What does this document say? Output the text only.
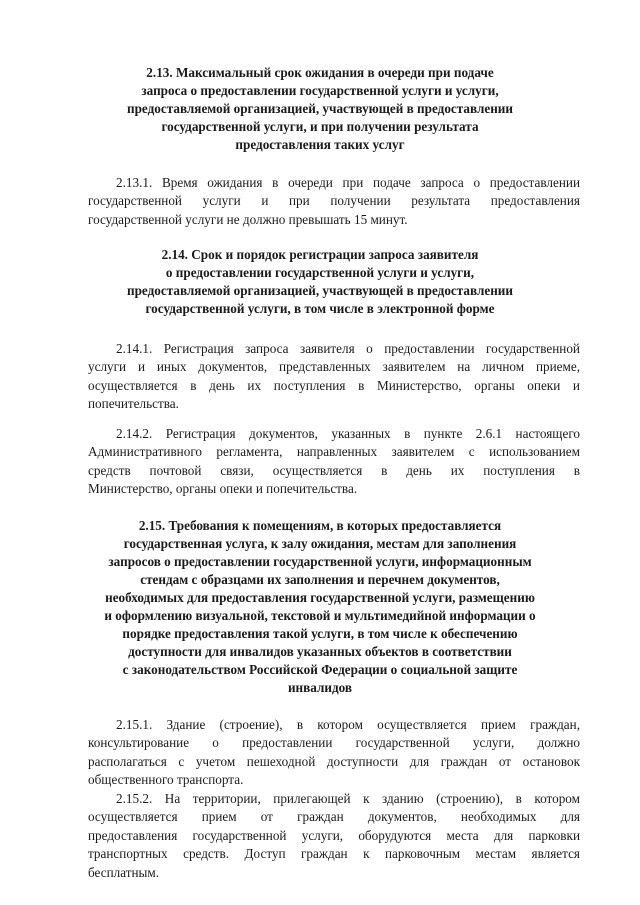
2.13. Максимальный срок ожидания в очереди при подаче
запроса о предоставлении государственной услуги и услуги,
предоставляемой организацией, участвующей в предоставлении
государственной услуги, и при получении результата
предоставления таких услуг
2.13.1. Время ожидания в очереди при подаче запроса о предоставлении
государственной услуги и при получении результата предоставления
государственной услуги не должно превышать 15 минут.
2.14. Срок и порядок регистрации запроса заявителя
о предоставлении государственной услуги и услуги,
предоставляемой организацией, участвующей в предоставлении
государственной услуги, в том числе в электронной форме
2.14.1. Регистрация запроса заявителя о предоставлении государственной
услуги и иных документов, представленных заявителем на личном приеме,
осуществляется в день их поступления в Министерство, органы опеки и
попечительства.
2.14.2. Регистрация документов, указанных в пункте 2.6.1 настоящего
Административного регламента, направленных заявителем с использованием
средств почтовой связи, осуществляется в день их поступления в
Министерство, органы опеки и попечительства.
2.15. Требования к помещениям, в которых предоставляется
государственная услуга, к залу ожидания, местам для заполнения
запросов о предоставлении государственной услуги, информационным
стендам с образцами их заполнения и перечнем документов,
необходимых для предоставления государственной услуги, размещению
и оформлению визуальной, текстовой и мультимедийной информации о
порядке предоставления такой услуги, в том числе к обеспечению
доступности для инвалидов указанных объектов в соответствии
с законодательством Российской Федерации о социальной защите
инвалидов
2.15.1. Здание (строение), в котором осуществляется прием граждан,
консультирование о предоставлении государственной услуги, должно
располагаться с учетом пешеходной доступности для граждан от остановок
общественного транспорта.
2.15.2. На территории, прилегающей к зданию (строению), в котором
осуществляется прием от граждан документов, необходимых для
предоставления государственной услуги, оборудуются места для парковки
транспортных средств. Доступ граждан к парковочным местам является
бесплатным.
